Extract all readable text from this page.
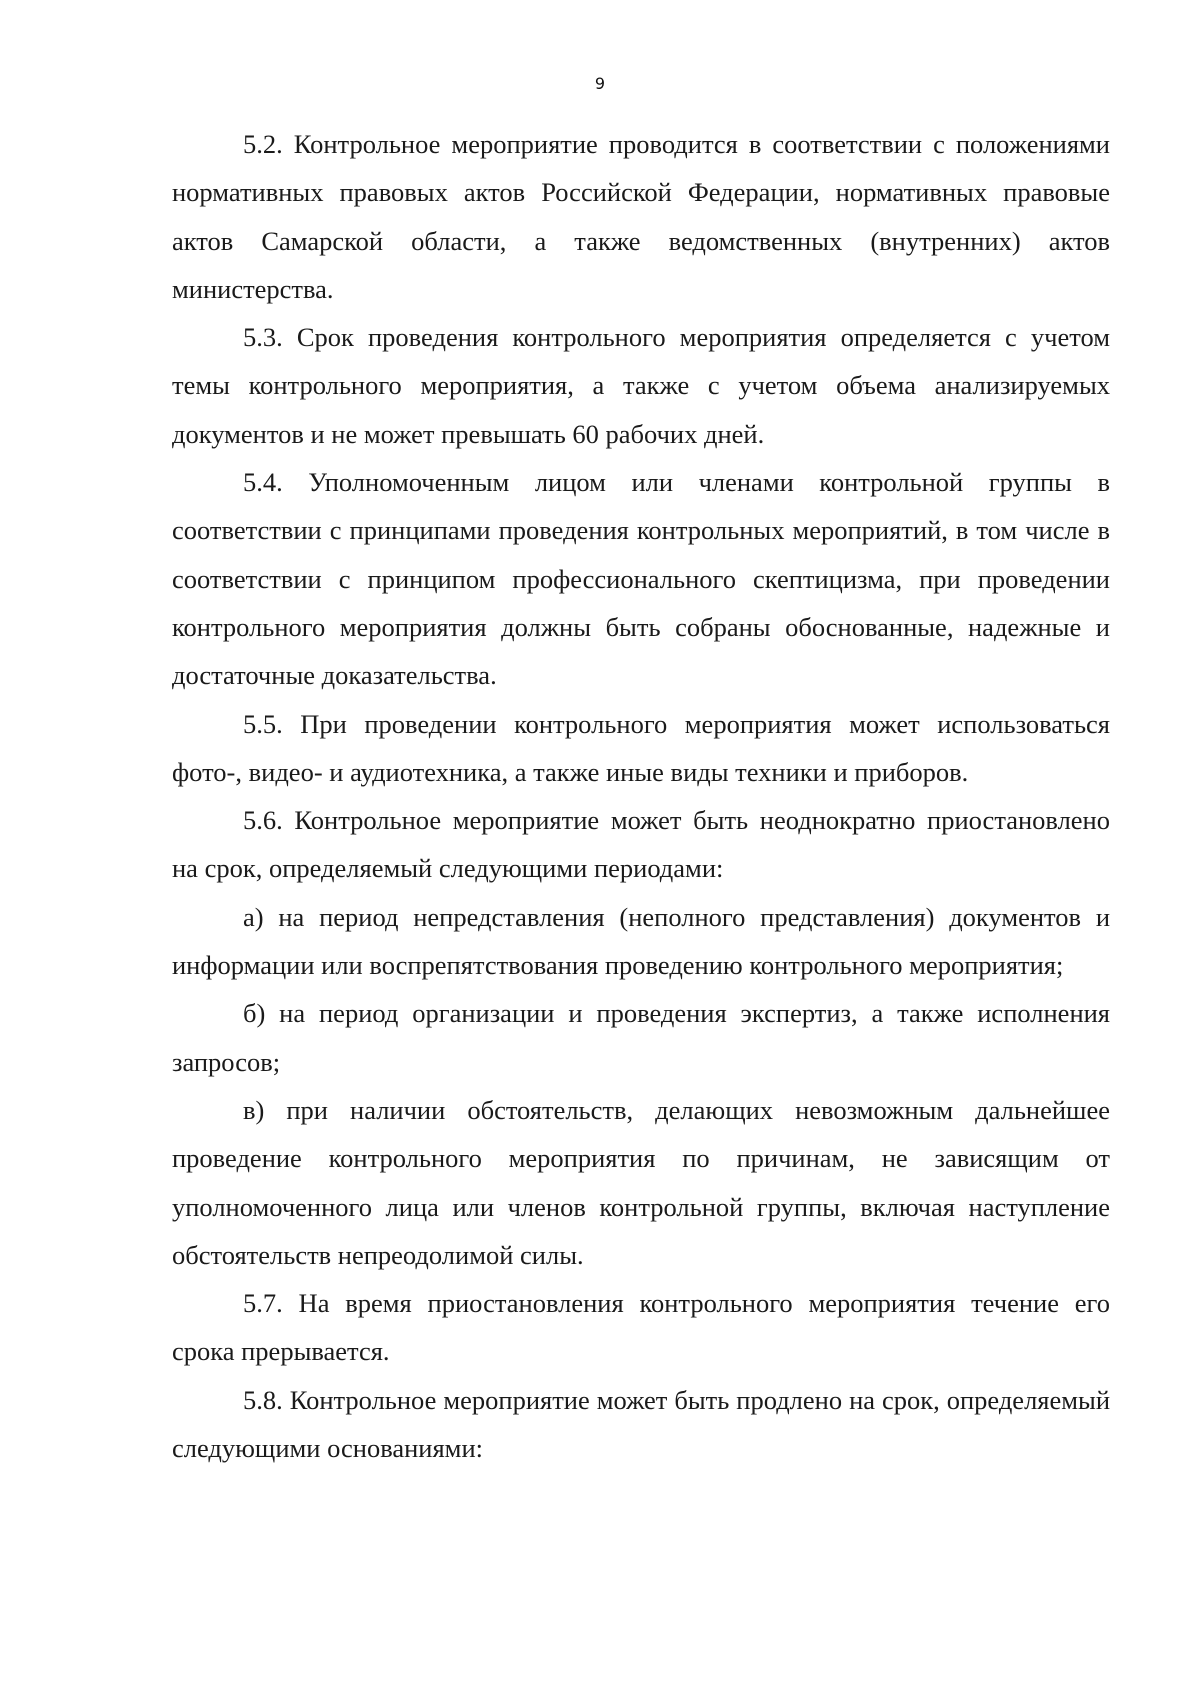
9

5.2. Контрольное мероприятие проводится в соответствии с положениями нормативных правовых актов Российской Федерации, нормативных правовые актов Самарской области, а также ведомственных (внутренних) актов министерства.

5.3. Срок проведения контрольного мероприятия определяется с учетом темы контрольного мероприятия, а также с учетом объема анализируемых документов и не может превышать 60 рабочих дней.

5.4. Уполномоченным лицом или членами контрольной группы в соответствии с принципами проведения контрольных мероприятий, в том числе в соответствии с принципом профессионального скептицизма, при проведении контрольного мероприятия должны быть собраны обоснованные, надежные и достаточные доказательства.

5.5. При проведении контрольного мероприятия может использоваться фото-, видео- и аудиотехника, а также иные виды техники и приборов.

5.6. Контрольное мероприятие может быть неоднократно приостановлено на срок, определяемый следующими периодами:

а) на период непредставления (неполного представления) документов и информации или воспрепятствования проведению контрольного мероприятия;

б) на период организации и проведения экспертиз, а также исполнения запросов;

в) при наличии обстоятельств, делающих невозможным дальнейшее проведение контрольного мероприятия по причинам, не зависящим от уполномоченного лица или членов контрольной группы, включая наступление обстоятельств непреодолимой силы.

5.7. На время приостановления контрольного мероприятия течение его срока прерывается.

5.8. Контрольное мероприятие может быть продлено на срок, определяемый следующими основаниями:
